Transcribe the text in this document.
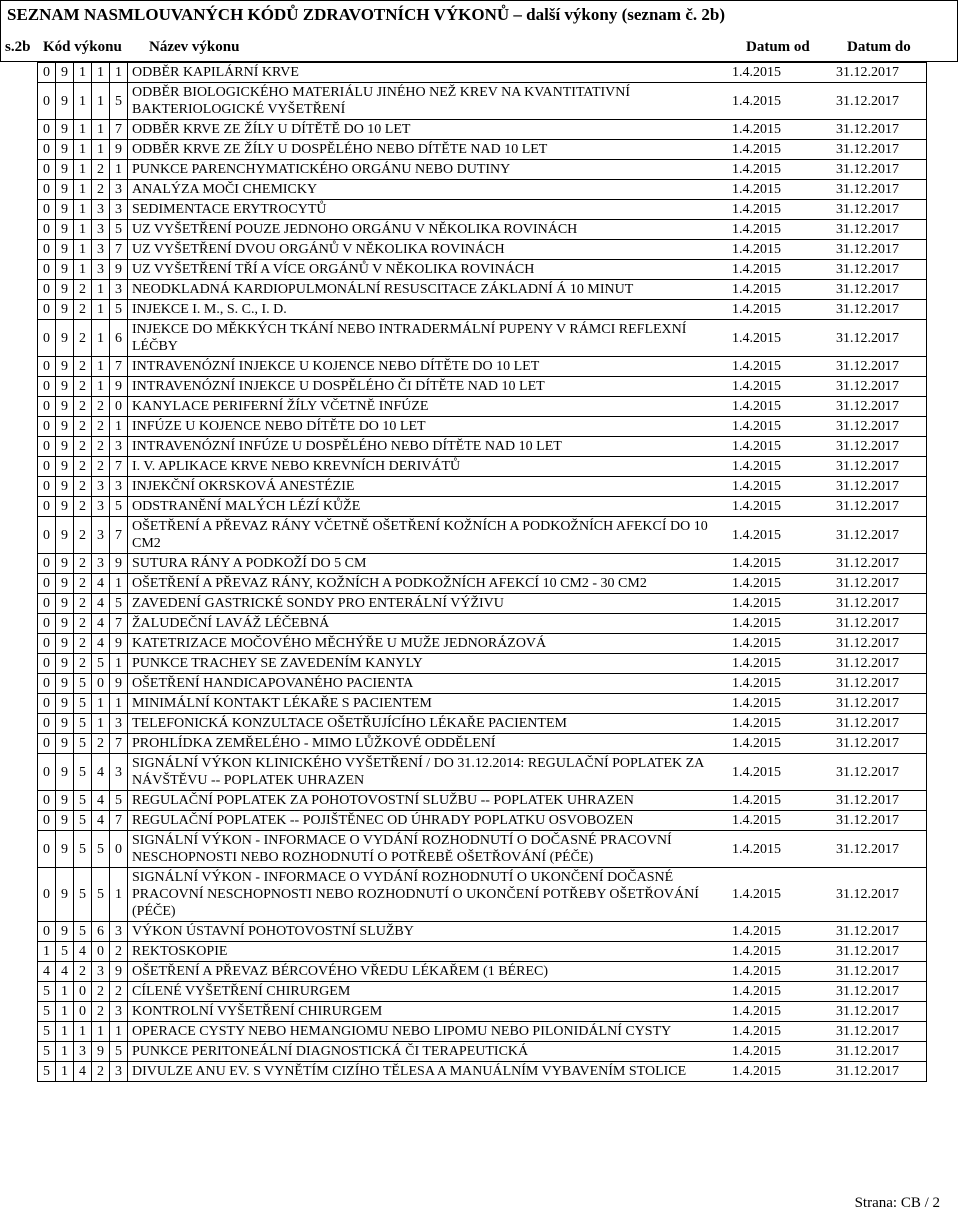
SEZNAM NASMLOUVANÝCH KÓDŮ ZDRAVOTNÍCH VÝKONŮ – další výkony (seznam č. 2b)
s.2b Kód výkonu Název výkonu	Datum od Datum do
0	9	1	1	1	ODBĚR KAPILÁRNÍ KRVE	1.4.2015	31.12.2017
0	9	1	1	5	ODBĚR BIOLOGICKÉHO MATERIÁLU JINÉHO NEŽ KREV NA KVANTITATIVNÍ BAKTERIOLOGICKÉ VYŠETŘENÍ	1.4.2015	31.12.2017
0	9	1	1	7	ODBĚR KRVE ZE ŽÍLY U DÍTĚTĚ DO 10 LET	1.4.2015	31.12.2017
0	9	1	1	9	ODBĚR KRVE ZE ŽÍLY U DOSPĚLÉHO NEBO DÍTĚTE NAD 10 LET	1.4.2015	31.12.2017
0	9	1	2	1	PUNKCE PARENCHYMATICKÉHO ORGÁNU NEBO DUTINY	1.4.2015	31.12.2017
0	9	1	2	3	ANALÝZA MOČI CHEMICKY	1.4.2015	31.12.2017
0	9	1	3	3	SEDIMENTACE ERYTROCYTŮ	1.4.2015	31.12.2017
0	9	1	3	5	UZ VYŠETŘENÍ POUZE JEDNOHO ORGÁNU V NĚKOLIKA ROVINÁCH	1.4.2015	31.12.2017
0	9	1	3	7	UZ VYŠETŘENÍ DVOU ORGÁNŮ V NĚKOLIKA ROVINÁCH	1.4.2015	31.12.2017
0	9	1	3	9	UZ VYŠETŘENÍ TŘÍ A VÍCE ORGÁNŮ V NĚKOLIKA ROVINÁCH	1.4.2015	31.12.2017
0	9	2	1	3	NEODKLADNÁ KARDIOPULMONÁLNÍ RESUSCITACE ZÁKLADNÍ Á 10 MINUT	1.4.2015	31.12.2017
0	9	2	1	5	INJEKCE I. M., S. C., I. D.	1.4.2015	31.12.2017
0	9	2	1	6	INJEKCE DO MĚKKÝCH TKÁNÍ NEBO INTRADERMÁLNÍ PUPENY V RÁMCI REFLEXNÍ LÉČBY	1.4.2015	31.12.2017
0	9	2	1	7	INTRAVENÓZNÍ INJEKCE U KOJENCE NEBO DÍTĚTE DO 10 LET	1.4.2015	31.12.2017
0	9	2	1	9	INTRAVENÓZNÍ INJEKCE U DOSPĚLÉHO ČI DÍTĚTE NAD 10 LET	1.4.2015	31.12.2017
0	9	2	2	0	KANYLACE PERIFERNÍ ŽÍLY VČETNĚ INFÚZE	1.4.2015	31.12.2017
0	9	2	2	1	INFÚZE U KOJENCE NEBO DÍTĚTE DO 10 LET	1.4.2015	31.12.2017
0	9	2	2	3	INTRAVENÓZNÍ INFÚZE U DOSPĚLÉHO NEBO DÍTĚTE NAD 10 LET	1.4.2015	31.12.2017
0	9	2	2	7	I. V. APLIKACE KRVE NEBO KREVNÍCH DERIVÁTŮ	1.4.2015	31.12.2017
0	9	2	3	3	INJEKČNÍ OKRSKOVÁ ANESTÉZIE	1.4.2015	31.12.2017
0	9	2	3	5	ODSTRANĚNÍ MALÝCH LÉZÍ KŮŽE	1.4.2015	31.12.2017
0	9	2	3	7	OŠETŘENÍ A PŘEVAZ RÁNY VČETNĚ OŠETŘENÍ KOŽNÍCH A PODKOŽNÍCH AFEKCÍ DO 10 CM2	1.4.2015	31.12.2017
0	9	2	3	9	SUTURA RÁNY A PODKOŽÍ DO 5 CM	1.4.2015	31.12.2017
0	9	2	4	1	OŠETŘENÍ A PŘEVAZ RÁNY, KOŽNÍCH A PODKOŽNÍCH AFEKCÍ 10 CM2 - 30 CM2	1.4.2015	31.12.2017
0	9	2	4	5	ZAVEDENÍ GASTRICKÉ SONDY PRO ENTERÁLNÍ VÝŽIVU	1.4.2015	31.12.2017
0	9	2	4	7	ŽALUDEČNÍ LAVÁŽ LÉČEBNÁ	1.4.2015	31.12.2017
0	9	2	4	9	KATETRIZACE MOČOVÉHO MĚCHÝŘE U MUŽE JEDNORÁZOVÁ	1.4.2015	31.12.2017
0	9	2	5	1	PUNKCE TRACHEY SE ZAVEDENÍM KANYLY	1.4.2015	31.12.2017
0	9	5	0	9	OŠETŘENÍ HANDICAPOVANÉHO PACIENTA	1.4.2015	31.12.2017
0	9	5	1	1	MINIMÁLNÍ KONTAKT LÉKAŘE S PACIENTEM	1.4.2015	31.12.2017
0	9	5	1	3	TELEFONICKÁ KONZULTACE OŠETŘUJÍCÍHO LÉKAŘE PACIENTEM	1.4.2015	31.12.2017
0	9	5	2	7	PROHLÍDKA ZEMŘELÉHO - MIMO LŮŽKOVÉ ODDĚLENÍ	1.4.2015	31.12.2017
0	9	5	4	3	SIGNÁLNÍ VÝKON KLINICKÉHO VYŠETŘENÍ / DO 31.12.2014: REGULAČNÍ POPLATEK ZA NÁVŠTĚVU -- POPLATEK UHRAZEN	1.4.2015	31.12.2017
0	9	5	4	5	REGULAČNÍ POPLATEK ZA POHOTOVOSTNÍ SLUŽBU -- POPLATEK UHRAZEN	1.4.2015	31.12.2017
0	9	5	4	7	REGULAČNÍ POPLATEK -- POJIŠTĚNEC OD ÚHRADY POPLATKU OSVOBOZEN	1.4.2015	31.12.2017
0	9	5	5	0	SIGNÁLNÍ VÝKON - INFORMACE O VYDÁNÍ ROZHODNUTÍ O DOČASNÉ PRACOVNÍ NESCHOPNOSTI NEBO ROZHODNUTÍ O POTŘEBĚ OŠETŘOVÁNÍ (PÉČE)	1.4.2015	31.12.2017
0	9	5	5	1	SIGNÁLNÍ VÝKON - INFORMACE O VYDÁNÍ ROZHODNUTÍ O UKONČENÍ DOČASNÉ PRACOVNÍ NESCHOPNOSTI NEBO ROZHODNUTÍ O UKONČENÍ POTŘEBY OŠETŘOVÁNÍ (PÉČE)	1.4.2015	31.12.2017
0	9	5	6	3	VÝKON ÚSTAVNÍ POHOTOVOSTNÍ SLUŽBY	1.4.2015	31.12.2017
1	5	4	0	2	REKTOSKOPIE	1.4.2015	31.12.2017
4	4	2	3	9	OŠETŘENÍ A PŘEVAZ BÉRCOVÉHO VŘEDU LÉKAŘEM (1 BÉREC)	1.4.2015	31.12.2017
5	1	0	2	2	CÍLENÉ VYŠETŘENÍ CHIRURGEM	1.4.2015	31.12.2017
5	1	0	2	3	KONTROLNÍ VYŠETŘENÍ CHIRURGEM	1.4.2015	31.12.2017
5	1	1	1	1	OPERACE CYSTY NEBO HEMANGIOMU NEBO LIPOMU NEBO PILONIDÁLNÍ CYSTY	1.4.2015	31.12.2017
5	1	3	9	5	PUNKCE PERITONEÁLNÍ DIAGNOSTICKÁ ČI TERAPEUTICKÁ	1.4.2015	31.12.2017
5	1	4	2	3	DIVULZE ANU EV. S VYNĚTÍM CIZÍHO TĚLESA A MANUÁLNÍM VYBAVENÍM STOLICE	1.4.2015	31.12.2017
Strana: CB / 2
